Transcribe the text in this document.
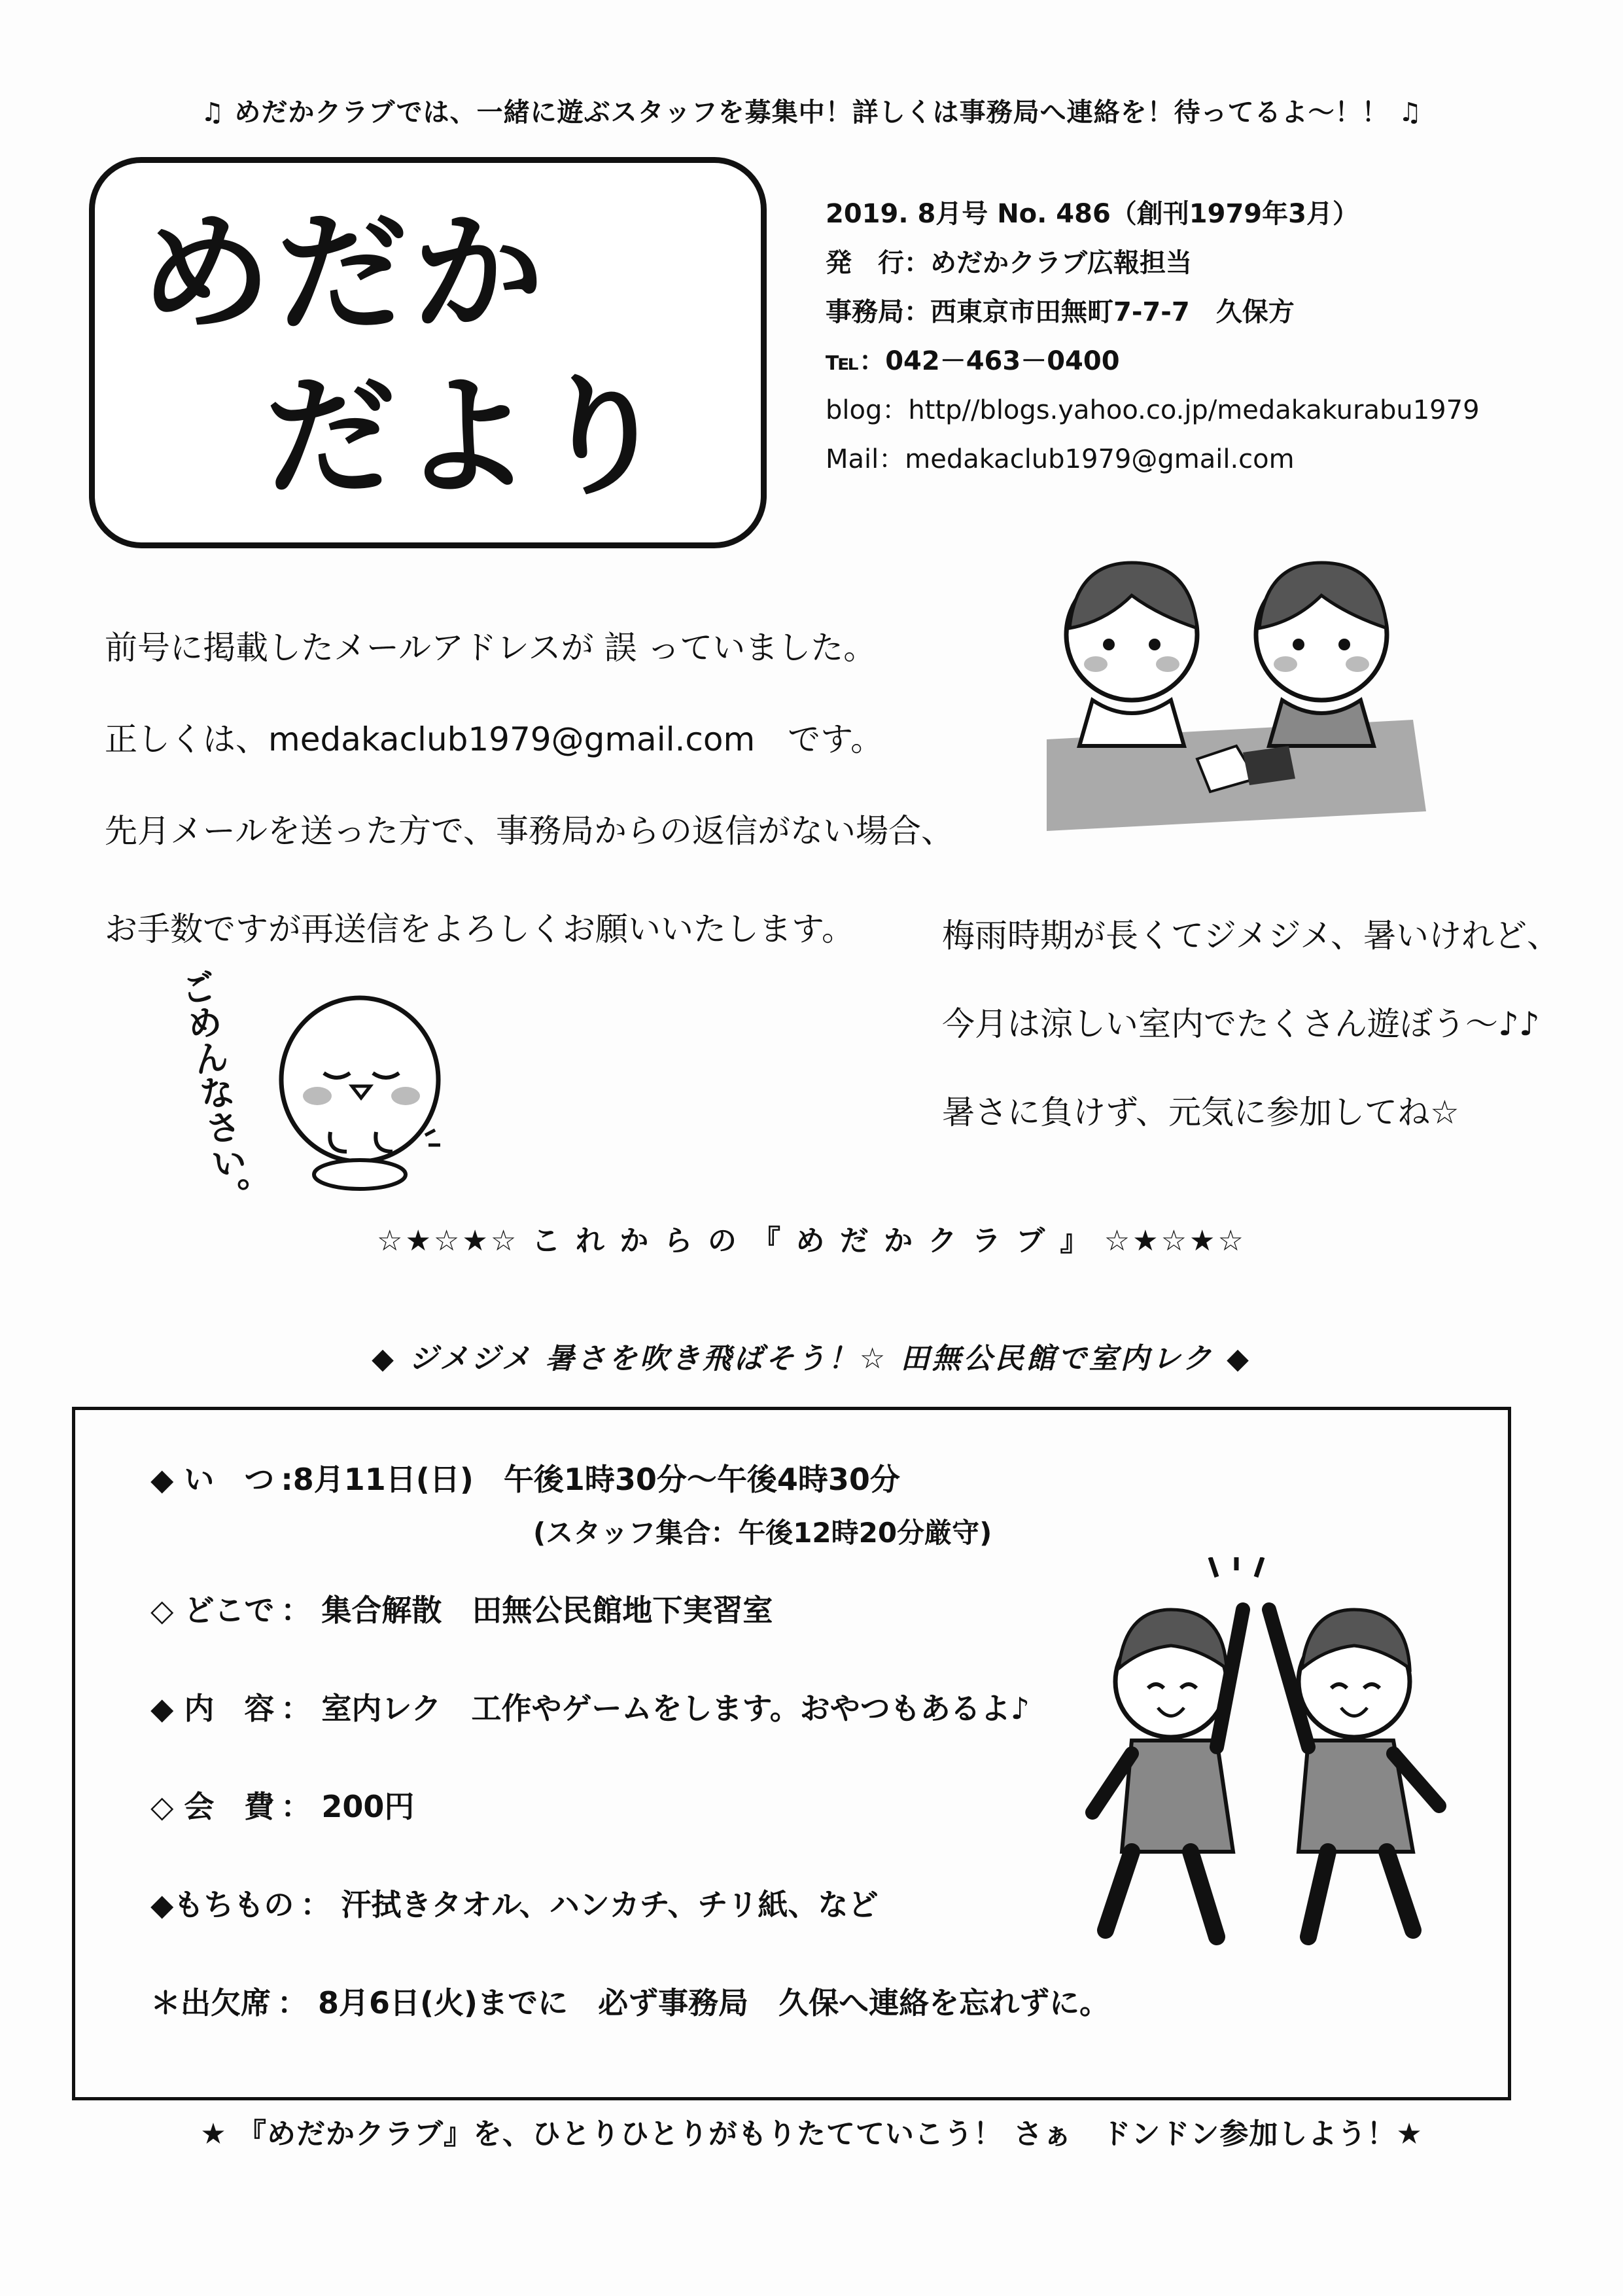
♫ めだかクラブでは、一緒に遊ぶスタッフを募集中！詳しくは事務局へ連絡を！待ってるよ～！！ ♫
めだか
だより
2019. 8月号 No. 486（創刊1979年3月）
発　行：めだかクラブ広報担当
事務局：西東京市田無町7-7-7　久保方
℡：042－463－0400
blog：http//blogs.yahoo.co.jp/medakakurabu1979
Mail：medakaclub1979@gmail.com
前号に掲載したメールアドレスが 誤 っていました。
正しくは、medakaclub1979@gmail.com　です。
先月メールを送った方で、事務局からの返信がない場合、
お手数ですが再送信をよろしくお願いいたします。
ごめんなさい。
梅雨時期が長くてジメジメ、暑いけれど、
今月は涼しい室内でたくさん遊ぼう～♪♪
暑さに負けず、元気に参加してね☆
☆★☆★☆ こ れ か ら の 『 め だ か ク ラ ブ 』 ☆★☆★☆
◆ ジメジメ 暑さを吹き飛ばそう！☆ 田無公民館で室内レク ◆
◆ い　つ :8月11日(日)　午後1時30分～午後4時30分
(スタッフ集合：午後12時20分厳守)
◇ どこで ： 集合解散　田無公民館地下実習室
◆ 内　容 ： 室内レク　工作やゲームをします。おやつもあるよ♪
◇ 会　費 ： 200円
◆もちもの ： 汗拭きタオル、ハンカチ、チリ紙、など
＊出欠席 ： 8月6日(火)までに　必ず事務局　久保へ連絡を忘れずに。
★ 『めだかクラブ』を、ひとりひとりがもりたてていこう！ さぁ　ドンドン参加しよう！★
